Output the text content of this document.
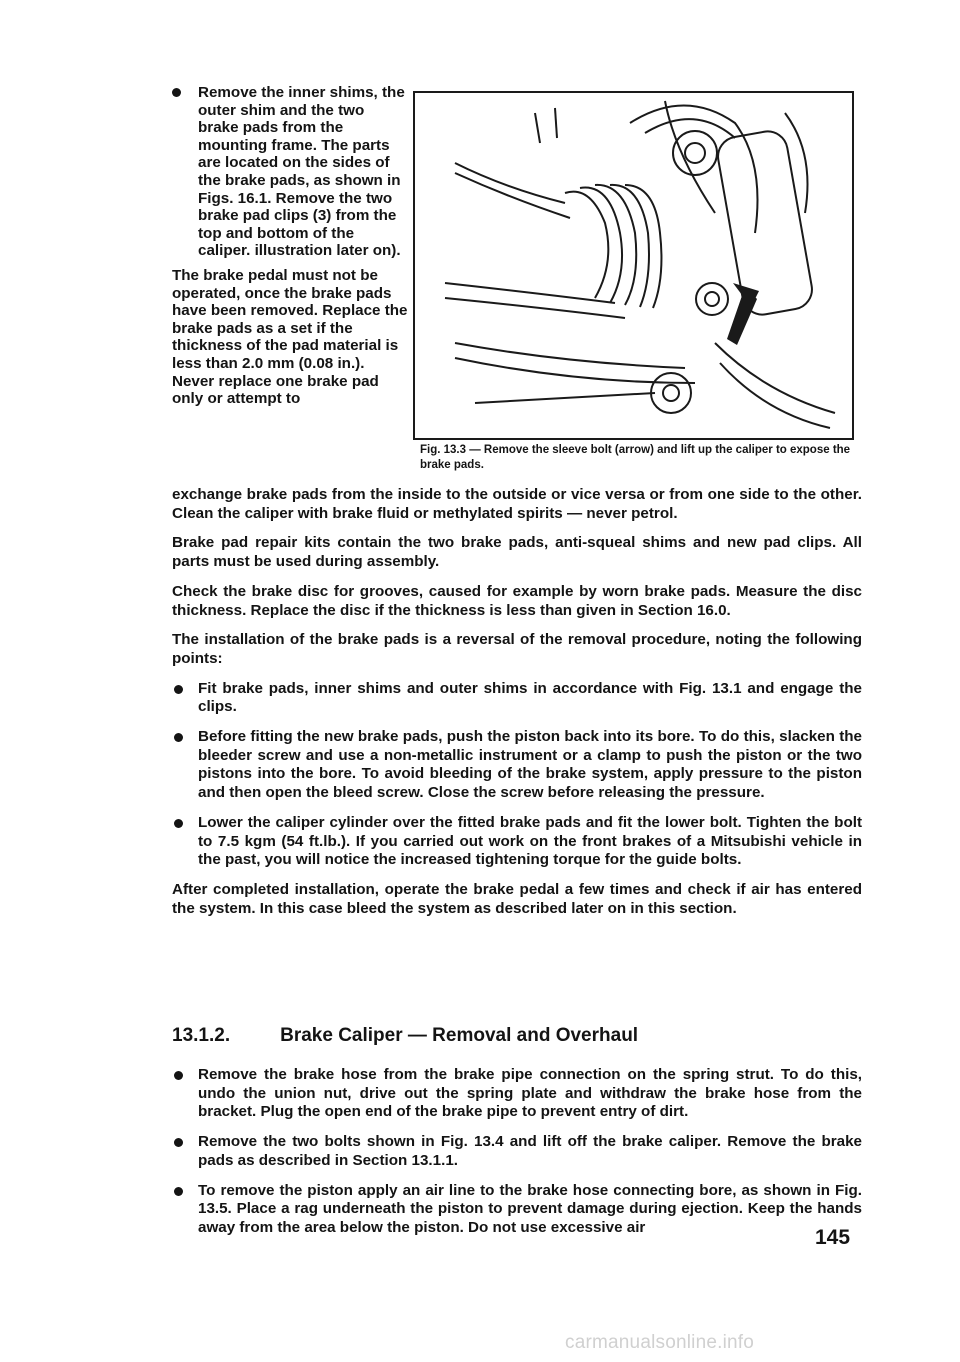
Remove the inner shims, the outer shim and the two brake pads from the mounting frame. The parts are located on the sides of the brake pads, as shown in Figs. 16.1. Remove the two brake pad clips (3) from the top and bottom of the caliper. illustration later on).

The brake pedal must not be operated, once the brake pads have been removed. Replace the brake pads as a set if the thickness of the pad material is less than 2.0 mm (0.08 in.). Never replace one brake pad only or attempt to

Fig. 13.3 — Remove the sleeve bolt (arrow) and lift up the caliper to expose the brake pads.

exchange brake pads from the inside to the outside or vice versa or from one side to the other. Clean the caliper with brake fluid or methylated spirits — never petrol.

Brake pad repair kits contain the two brake pads, anti-squeal shims and new pad clips. All parts must be used during assembly.

Check the brake disc for grooves, caused for example by worn brake pads. Measure the disc thickness. Replace the disc if the thickness is less than given in Section 16.0.

The installation of the brake pads is a reversal of the removal procedure, noting the following points:

Fit brake pads, inner shims and outer shims in accordance with Fig. 13.1 and engage the clips.
Before fitting the new brake pads, push the piston back into its bore. To do this, slacken the bleeder screw and use a non-metallic instrument or a clamp to push the piston or the two pistons into the bore. To avoid bleeding of the brake system, apply pressure to the piston and then open the bleed screw. Close the screw before releasing the pressure.
Lower the caliper cylinder over the fitted brake pads and fit the lower bolt. Tighten the bolt to 7.5 kgm (54 ft.lb.). If you carried out work on the front brakes of a Mitsubishi vehicle in the past, you will notice the increased tightening torque for the guide bolts.

After completed installation, operate the brake pedal a few times and check if air has entered the system. In this case bleed the system as described later on in this section.

13.1.2.	Brake Caliper — Removal and Overhaul
Remove the brake hose from the brake pipe connection on the spring strut. To do this, undo the union nut, drive out the spring plate and withdraw the brake hose from the bracket. Plug the open end of the brake pipe to prevent entry of dirt.
Remove the two bolts shown in Fig. 13.4 and lift off the brake caliper. Remove the brake pads as described in Section 13.1.1.
To remove the piston apply an air line to the brake hose connecting bore, as shown in Fig. 13.5. Place a rag underneath the piston to prevent damage during ejection. Keep the hands away from the area below the piston. Do not use excessive air	145
carmanualsonline.info
